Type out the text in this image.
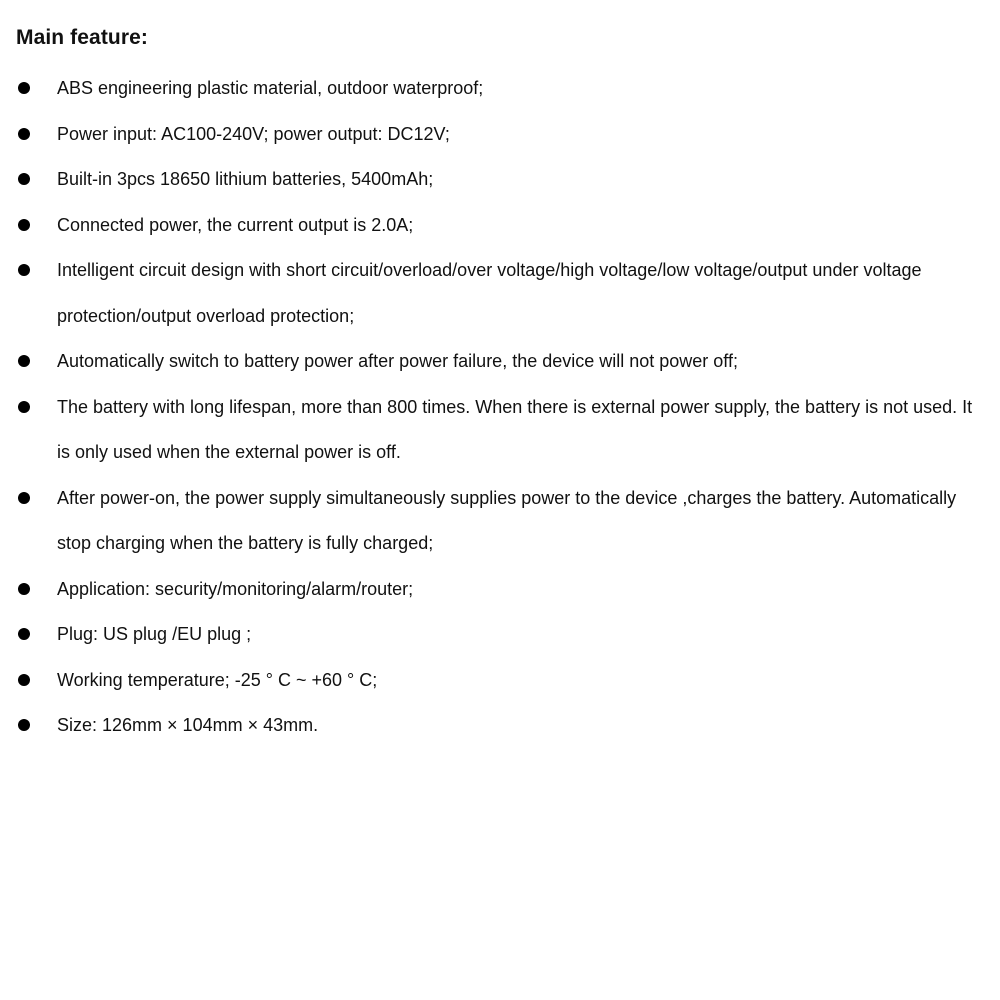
Main feature:
ABS engineering plastic material, outdoor waterproof;
Power input: AC100-240V; power output: DC12V;
Built-in 3pcs 18650 lithium batteries, 5400mAh;
Connected power, the current output is 2.0A;
Intelligent circuit design with short circuit/overload/over voltage/high voltage/low voltage/output under voltage protection/output overload protection;
Automatically switch to battery power after power failure, the device will not power off;
The battery with long lifespan, more than 800 times. When there is external power supply, the battery is not used. It is only used when the external power is off.
After power-on, the power supply simultaneously supplies power to the device ,charges the battery. Automatically stop charging when the battery is fully charged;
Application: security/monitoring/alarm/router;
Plug: US plug /EU plug ;
Working temperature; -25 ° C ~ +60 ° C;
Size: 126mm × 104mm × 43mm.
